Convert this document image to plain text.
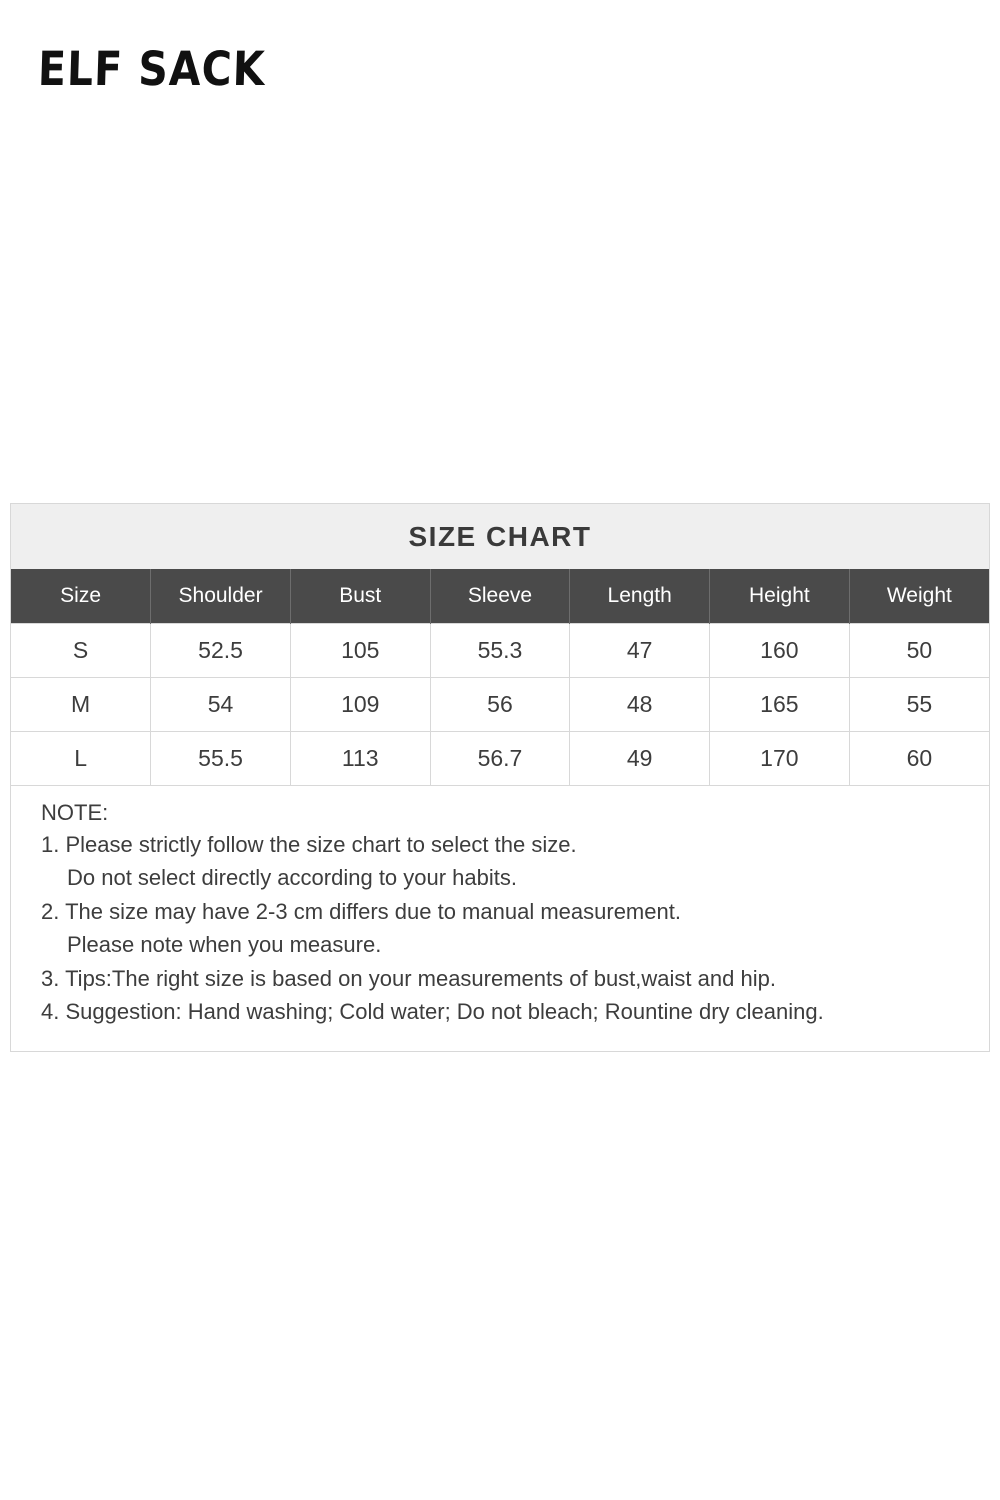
ELF SACK
SIZE CHART
Size	Shoulder	Bust	Sleeve	Length	Height	Weight
S	52.5	105	55.3	47	160	50
M	54	109	56	48	165	55
L	55.5	113	56.7	49	170	60
NOTE:
1. Please strictly follow the size chart to select the size.
Do not select directly according to your habits.
2. The size may have 2-3 cm differs due to manual measurement.
Please note when you measure.
3. Tips:The right size is based on your measurements of bust,waist and hip.
4. Suggestion: Hand washing; Cold water; Do not bleach; Rountine dry cleaning.
